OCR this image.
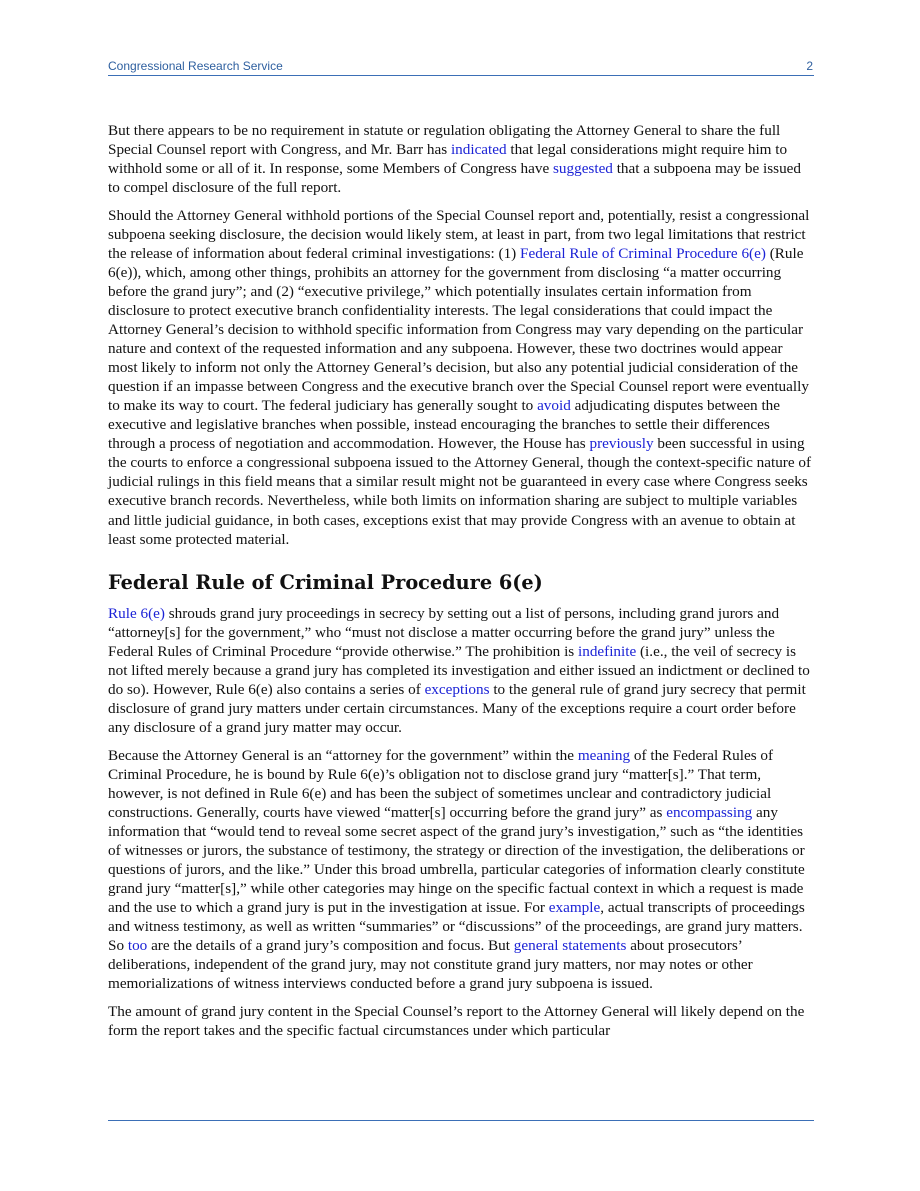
Congressional Research Service	2

But there appears to be no requirement in statute or regulation obligating the Attorney General to share the full Special Counsel report with Congress, and Mr. Barr has indicated that legal considerations might require him to withhold some or all of it. In response, some Members of Congress have suggested that a subpoena may be issued to compel disclosure of the full report.

Should the Attorney General withhold portions of the Special Counsel report and, potentially, resist a congressional subpoena seeking disclosure, the decision would likely stem, at least in part, from two legal limitations that restrict the release of information about federal criminal investigations: (1) Federal Rule of Criminal Procedure 6(e) (Rule 6(e)), which, among other things, prohibits an attorney for the government from disclosing “a matter occurring before the grand jury”; and (2) “executive privilege,” which potentially insulates certain information from disclosure to protect executive branch confidentiality interests. The legal considerations that could impact the Attorney General’s decision to withhold specific information from Congress may vary depending on the particular nature and context of the requested information and any subpoena. However, these two doctrines would appear most likely to inform not only the Attorney General’s decision, but also any potential judicial consideration of the question if an impasse between Congress and the executive branch over the Special Counsel report were eventually to make its way to court. The federal judiciary has generally sought to avoid adjudicating disputes between the executive and legislative branches when possible, instead encouraging the branches to settle their differences through a process of negotiation and accommodation. However, the House has previously been successful in using the courts to enforce a congressional subpoena issued to the Attorney General, though the context-specific nature of judicial rulings in this field means that a similar result might not be guaranteed in every case where Congress seeks executive branch records. Nevertheless, while both limits on information sharing are subject to multiple variables and little judicial guidance, in both cases, exceptions exist that may provide Congress with an avenue to obtain at least some protected material.

Federal Rule of Criminal Procedure 6(e)

Rule 6(e) shrouds grand jury proceedings in secrecy by setting out a list of persons, including grand jurors and “attorney[s] for the government,” who “must not disclose a matter occurring before the grand jury” unless the Federal Rules of Criminal Procedure “provide otherwise.” The prohibition is indefinite (i.e., the veil of secrecy is not lifted merely because a grand jury has completed its investigation and either issued an indictment or declined to do so). However, Rule 6(e) also contains a series of exceptions to the general rule of grand jury secrecy that permit disclosure of grand jury matters under certain circumstances. Many of the exceptions require a court order before any disclosure of a grand jury matter may occur.

Because the Attorney General is an “attorney for the government” within the meaning of the Federal Rules of Criminal Procedure, he is bound by Rule 6(e)’s obligation not to disclose grand jury “matter[s].” That term, however, is not defined in Rule 6(e) and has been the subject of sometimes unclear and contradictory judicial constructions. Generally, courts have viewed “matter[s] occurring before the grand jury” as encompassing any information that “would tend to reveal some secret aspect of the grand jury’s investigation,” such as “the identities of witnesses or jurors, the substance of testimony, the strategy or direction of the investigation, the deliberations or questions of jurors, and the like.” Under this broad umbrella, particular categories of information clearly constitute grand jury “matter[s],” while other categories may hinge on the specific factual context in which a request is made and the use to which a grand jury is put in the investigation at issue. For example, actual transcripts of proceedings and witness testimony, as well as written “summaries” or “discussions” of the proceedings, are grand jury matters. So too are the details of a grand jury’s composition and focus. But general statements about prosecutors’ deliberations, independent of the grand jury, may not constitute grand jury matters, nor may notes or other memorializations of witness interviews conducted before a grand jury subpoena is issued.

The amount of grand jury content in the Special Counsel’s report to the Attorney General will likely depend on the form the report takes and the specific factual circumstances under which particular
